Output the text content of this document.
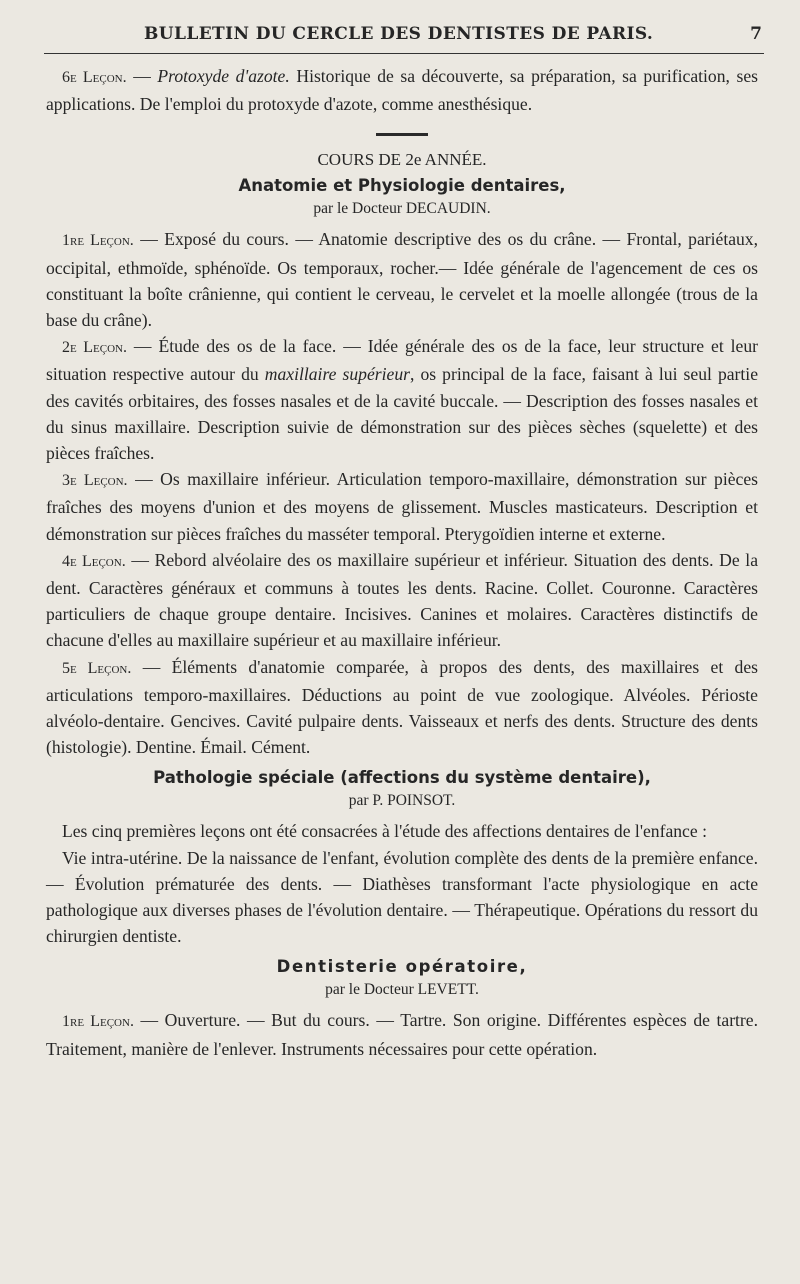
BULLETIN DU CERCLE DES DENTISTES DE PARIS.	7

6e Leçon. — Protoxyde d'azote. Historique de sa découverte, sa préparation, sa purification, ses applications. De l'emploi du protoxyde d'azote, comme anesthésique.

COURS DE 2e ANNÉE.
Anatomie et Physiologie dentaires,
par le Docteur DECAUDIN.

1re Leçon. — Exposé du cours. — Anatomie descriptive des os du crâne. — Frontal, pariétaux, occipital, ethmoïde, sphénoïde. Os temporaux, rocher.— Idée générale de l'agencement de ces os constituant la boîte crânienne, qui contient le cerveau, le cervelet et la moelle allongée (trous de la base du crâne).

2e Leçon. — Étude des os de la face. — Idée générale des os de la face, leur structure et leur situation respective autour du maxillaire supérieur, os principal de la face, faisant à lui seul partie des cavités orbitaires, des fosses nasales et de la cavité buccale. — Description des fosses nasales et du sinus maxillaire. Description suivie de démonstration sur des pièces sèches (squelette) et des pièces fraîches.

3e Leçon. — Os maxillaire inférieur. Articulation temporo-maxillaire, démonstration sur pièces fraîches des moyens d'union et des moyens de glissement. Muscles masticateurs. Description et démonstration sur pièces fraîches du masséter temporal. Pterygoïdien interne et externe.

4e Leçon. — Rebord alvéolaire des os maxillaire supérieur et inférieur. Situation des dents. De la dent. Caractères généraux et communs à toutes les dents. Racine. Collet. Couronne. Caractères particuliers de chaque groupe dentaire. Incisives. Canines et molaires. Caractères distinctifs de chacune d'elles au maxillaire supérieur et au maxillaire inférieur.

5e Leçon. — Éléments d'anatomie comparée, à propos des dents, des maxillaires et des articulations temporo-maxillaires. Déductions au point de vue zoologique. Alvéoles. Périoste alvéolo-dentaire. Gencives. Cavité pulpaire dents. Vaisseaux et nerfs des dents. Structure des dents (histologie). Dentine. Émail. Cément.

Pathologie spéciale (affections du système dentaire),
par P. POINSOT.

Les cinq premières leçons ont été consacrées à l'étude des affections dentaires de l'enfance :

Vie intra-utérine. De la naissance de l'enfant, évolution complète des dents de la première enfance. — Évolution prématurée des dents. — Diathèses transformant l'acte physiologique en acte pathologique aux diverses phases de l'évolution dentaire. — Thérapeutique. Opérations du ressort du chirurgien dentiste.

Dentisterie opératoire,
par le Docteur LEVETT.

1re Leçon. — Ouverture. — But du cours. — Tartre. Son origine. Différentes espèces de tartre. Traitement, manière de l'enlever. Instruments nécessaires pour cette opération.
